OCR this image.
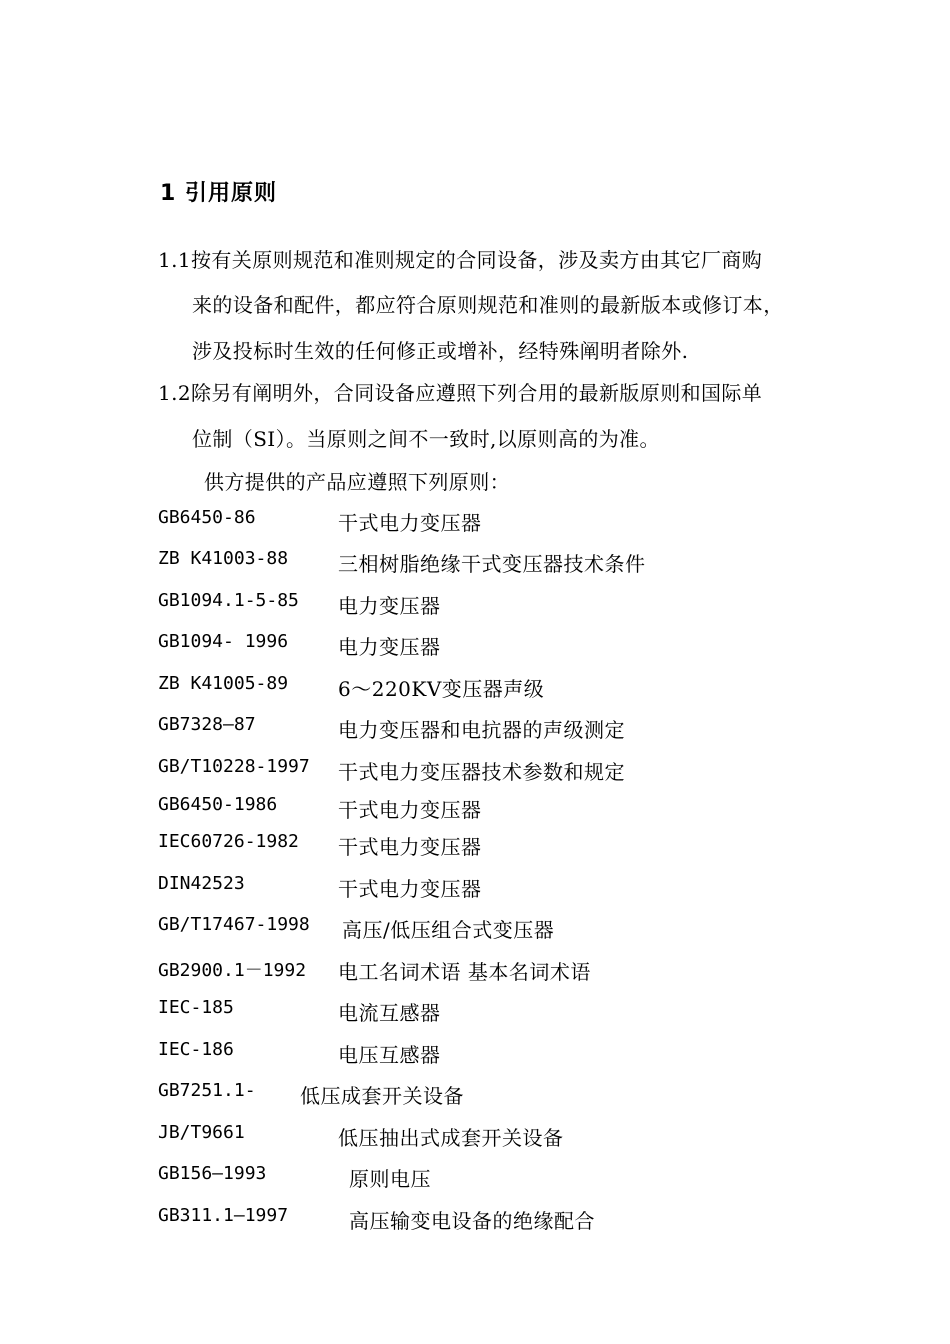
1 引用原则
1.1按有关原则规范和准则规定的合同设备，涉及卖方由其它厂商购
来的设备和配件，都应符合原则规范和准则的最新版本或修订本，
涉及投标时生效的任何修正或增补，经特殊阐明者除外.
1.2除另有阐明外，合同设备应遵照下列合用的最新版原则和国际单
位制（SI）。当原则之间不一致时,以原则高的为准。
供方提供的产品应遵照下列原则：
GB6450-86	干式电力变压器
ZB K41003-88 三相树脂绝缘干式变压器技术条件
GB1094.1-5-85 电力变压器
GB1094- 1996 电力变压器
ZB K41005-89 6～220KV变压器声级
GB7328—87	电力变压器和电抗器的声级测定
GB/T10228-1997 干式电力变压器技术参数和规定
GB6450-1986	干式电力变压器
IEC60726-1982 干式电力变压器
DIN42523	干式电力变压器
GB/T17467-1998 高压/低压组合式变压器
GB2900.1－1992 电工名词术语 基本名词术语
IEC-185	电流互感器
IEC-186	电压互感器
GB7251.1- 低压成套开关设备
JB/T9661	低压抽出式成套开关设备
GB156—1993	原则电压
GB311.1—1997	高压输变电设备的绝缘配合
